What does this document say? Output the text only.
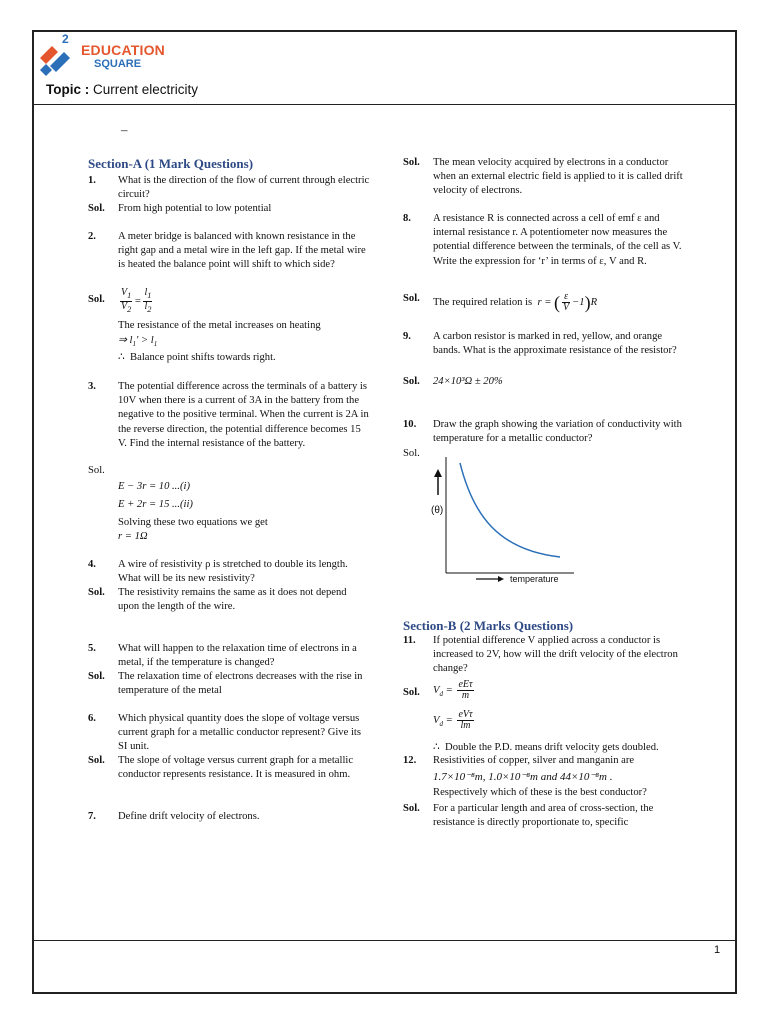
2
EDUCATION
SQUARE
Topic : Current electricity
–
Section-A (1 Mark Questions)
1. What is the direction of the flow of current through electric circuit?
Sol. From high potential to low potential
2. A meter bridge is balanced with known resistance in the right gap and a metal wire in the left gap. If the metal wire is heated the balance point will shift to which side?
Sol. $\frac{V_1}{V_2} = \frac{l_1}{l_2}$
The resistance of the metal increases on heating
⇒ $l_1' > l_1$
∴  Balance point shifts towards right.
3. The potential difference across the terminals of a battery is 10V when there is a current of 3A in the battery from the negative to the positive terminal. When the current is 2A in the reverse direction, the potential difference becomes 15 V. Find the internal resistance of the battery.
Sol.
E − 3r = 10 ...(i)
E + 2r = 15 ...(ii)
Solving these two equations we get
r = 1Ω
4. A wire of resistivity ρ is stretched to double its length. What will be its new resistivity?
Sol. The resistivity remains the same as it does not depend upon the length of the wire.
5. What will happen to the relaxation time of electrons in a metal, if the temperature is changed?
Sol. The relaxation time of electrons decreases with the rise in temperature of the metal
6. Which physical quantity does the slope of voltage versus current graph for a metallic conductor represent? Give its SI unit.
Sol. The slope of voltage versus current graph for a metallic conductor represents resistance. It is measured in ohm.
7. Define drift velocity of electrons.
Sol. The mean velocity acquired by electrons in a conductor when an external electric field is applied to it is called drift velocity of electrons.
8. A resistance R is connected across a cell of emf ε and internal resistance r. A potentiometer now measures the potential difference between the terminals, of the cell as V. Write the expression for ‘r’ in terms of ε, V and R.
Sol. The required relation is  r = ( $\frac{\varepsilon}{V} -1)R$
9. A carbon resistor is marked in red, yellow, and orange bands. What is the approximate resistance of the resistor?
Sol. 24×10³Ω ± 20%
10. Draw the graph showing the variation of conductivity with temperature for a metallic conductor?
Sol.
(θ)
temperature
Section-B (2 Marks Questions)
11. If potential difference V applied across a conductor is increased to 2V, how will the drift velocity of the electron change?
Sol. $V_d = \frac{\text{eEτ}}{m}$
$V_d = \frac{\text{eVτ}}{lm}$
∴  Double the P.D. means drift velocity gets doubled.
12. Resistivities of copper, silver and manganin are
1.7×10⁻⁸m, 1.0×10⁻⁸m and 44×10⁻⁸m .
Respectively which of these is the best conductor?
Sol. For a particular length and area of cross-section, the resistance is directly proportionate to, specific
1
